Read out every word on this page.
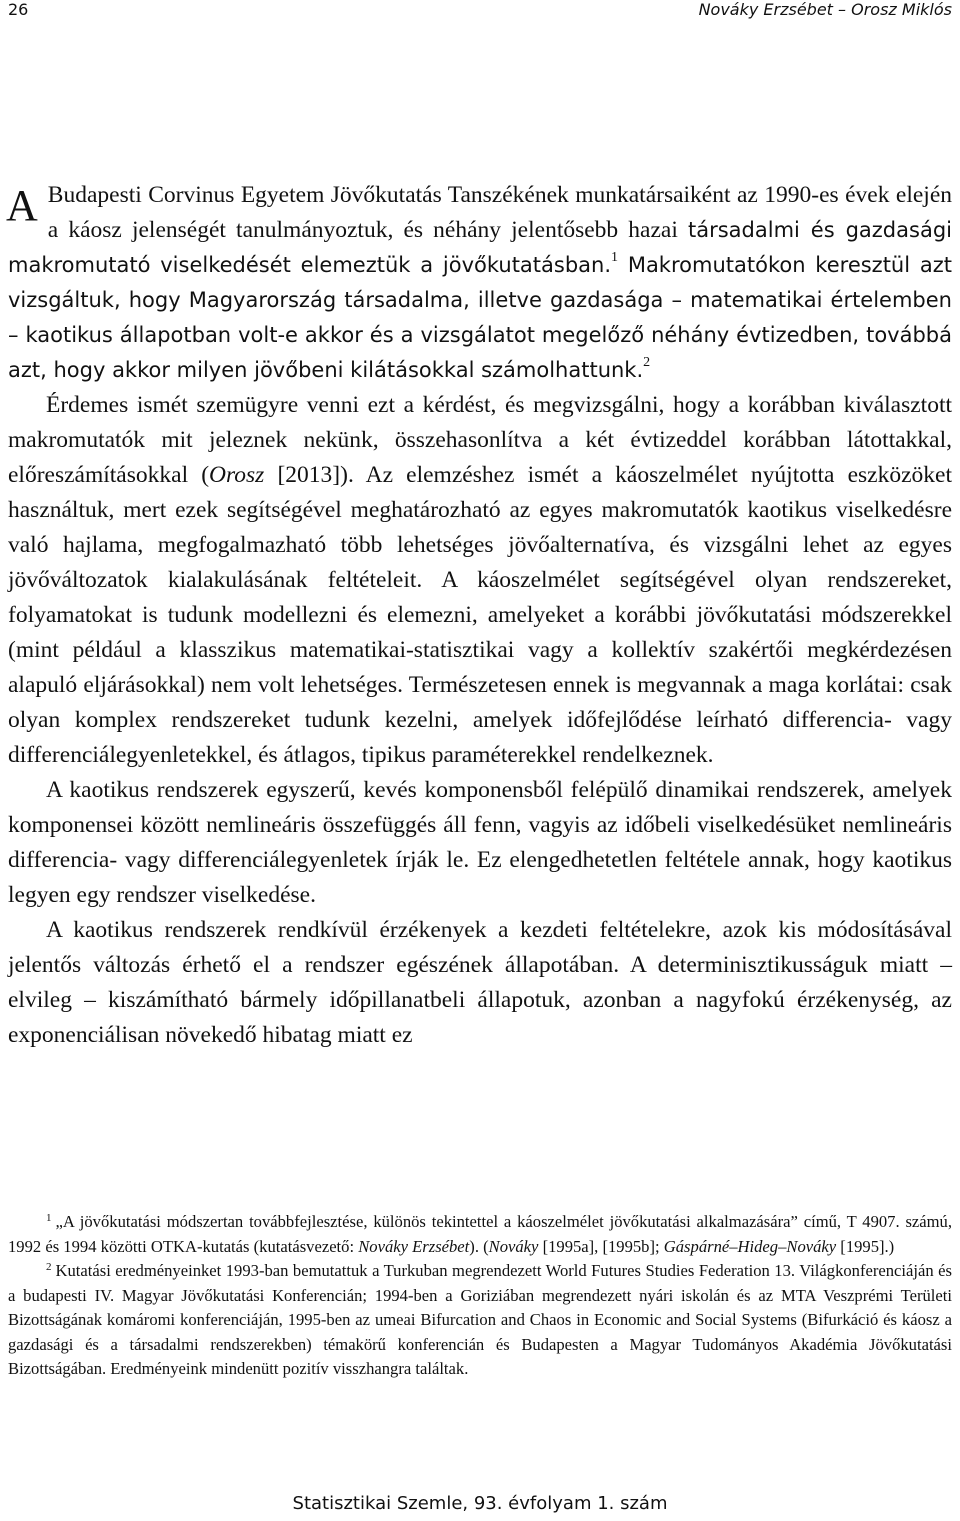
26	Nováky Erzsébet – Orosz Miklós

A Budapesti Corvinus Egyetem Jövőkutatás Tanszékének munkatársaiként az 1990-es évek elején a káosz jelenségét tanulmányoztuk, és néhány jelentősebb hazai társadalmi és gazdasági makromutató viselkedését elemeztük a jövőkutatásban.$^1$ Makromutatókon keresztül azt vizsgáltuk, hogy Magyarország társadalma, illetve gazdasága – matematikai értelemben – kaotikus állapotban volt-e akkor és a vizsgálatot megelőző néhány évtizedben, továbbá azt, hogy akkor milyen jövőbeni kilátásokkal számolhattunk.$^2$

Érdemes ismét szemügyre venni ezt a kérdést, és megvizsgálni, hogy a korábban kiválasztott makromutatók mit jeleznek nekünk, összehasonlítva a két évtizeddel korábban látottakkal, előreszámításokkal (Orosz [2013]). Az elemzéshez ismét a káoszelmélet nyújtotta eszközöket használtuk, mert ezek segítségével meghatározható az egyes makromutatók kaotikus viselkedésre való hajlama, megfogalmazható több lehetséges jövőalternatíva, és vizsgálni lehet az egyes jövőváltozatok kialakulásának feltételeit. A káoszelmélet segítségével olyan rendszereket, folyamatokat is tudunk modellezni és elemezni, amelyeket a korábbi jövőkutatási módszerekkel (mint például a klasszikus matematikai-statisztikai vagy a kollektív szakértői megkérdezésen alapuló eljárásokkal) nem volt lehetséges. Természetesen ennek is megvannak a maga korlátai: csak olyan komplex rendszereket tudunk kezelni, amelyek időfejlődése leírható differencia- vagy differenciálegyenletekkel, és átlagos, tipikus paraméterekkel rendelkeznek.

A kaotikus rendszerek egyszerű, kevés komponensből felépülő dinamikai rendszerek, amelyek komponensei között nemlineáris összefüggés áll fenn, vagyis az időbeli viselkedésüket nemlineáris differencia- vagy differenciálegyenletek írják le. Ez elengedhetetlen feltétele annak, hogy kaotikus legyen egy rendszer viselkedése.

A kaotikus rendszerek rendkívül érzékenyek a kezdeti feltételekre, azok kis módosításával jelentős változás érhető el a rendszer egészének állapotában. A determinisztikusságuk miatt – elvileg – kiszámítható bármely időpillanatbeli állapotuk, azonban a nagyfokú érzékenység, az exponenciálisan növekedő hibatag miatt ez

$^1$ „A jövőkutatási módszertan továbbfejlesztése, különös tekintettel a káoszelmélet jövőkutatási alkalmazására” című, T 4907. számú, 1992 és 1994 közötti OTKA-kutatás (kutatásvezető: Nováky Erzsébet). (Nováky [1995a], [1995b]; Gáspárné–Hideg–Nováky [1995].)

$^2$ Kutatási eredményeinket 1993-ban bemutattuk a Turkuban megrendezett World Futures Studies Federation 13. Világkonferenciáján és a budapesti IV. Magyar Jövőkutatási Konferencián; 1994-ben a Goriziában megrendezett nyári iskolán és az MTA Veszprémi Területi Bizottságának komáromi konferenciáján, 1995-ben az umeai Bifurcation and Chaos in Economic and Social Systems (Bifurkáció és káosz a gazdasági és a társadalmi rendszerekben) témakörű konferencián és Budapesten a Magyar Tudományos Akadémia Jövőkutatási Bizottságában. Eredményeink mindenütt pozitív visszhangra találtak.

Statisztikai Szemle, 93. évfolyam 1. szám
